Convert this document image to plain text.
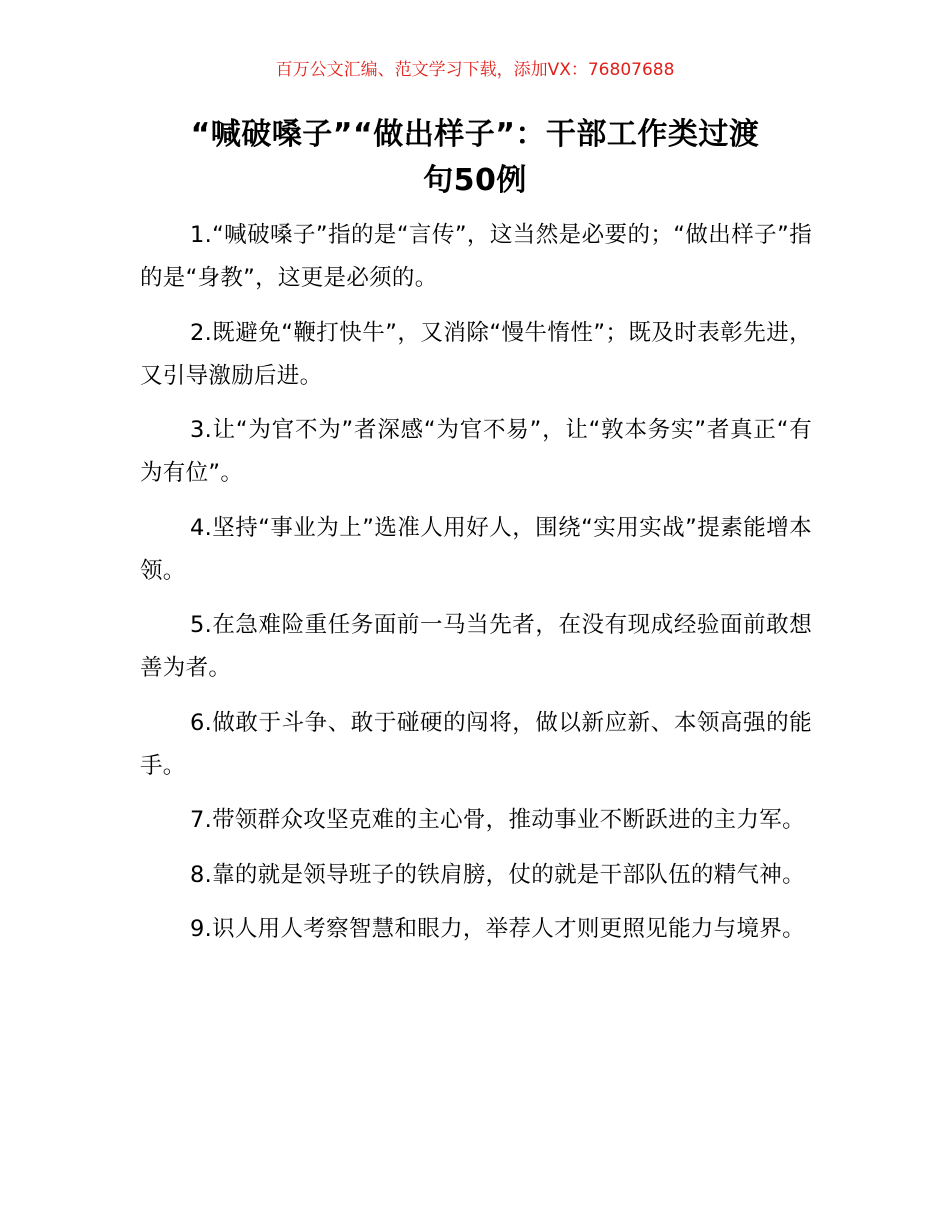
百万公文汇编、范文学习下载，添加VX：76807688
“喊破嗓子”“做出样子”：干部工作类过渡
句50例

1.“喊破嗓子”指的是“言传”，这当然是必要的；“做出样子”指的是“身教”，这更是必须的。

2.既避免“鞭打快牛”，又消除“慢牛惰性”；既及时表彰先进，又引导激励后进。

3.让“为官不为”者深感“为官不易”，让“敦本务实”者真正“有为有位”。

4.坚持“事业为上”选准人用好人，围绕“实用实战”提素能增本领。

5.在急难险重任务面前一马当先者，在没有现成经验面前敢想善为者。

6.做敢于斗争、敢于碰硬的闯将，做以新应新、本领高强的能手。

7.带领群众攻坚克难的主心骨，推动事业不断跃进的主力军。

8.靠的就是领导班子的铁肩膀，仗的就是干部队伍的精气神。

9.识人用人考察智慧和眼力，举荐人才则更照见能力与境界。
